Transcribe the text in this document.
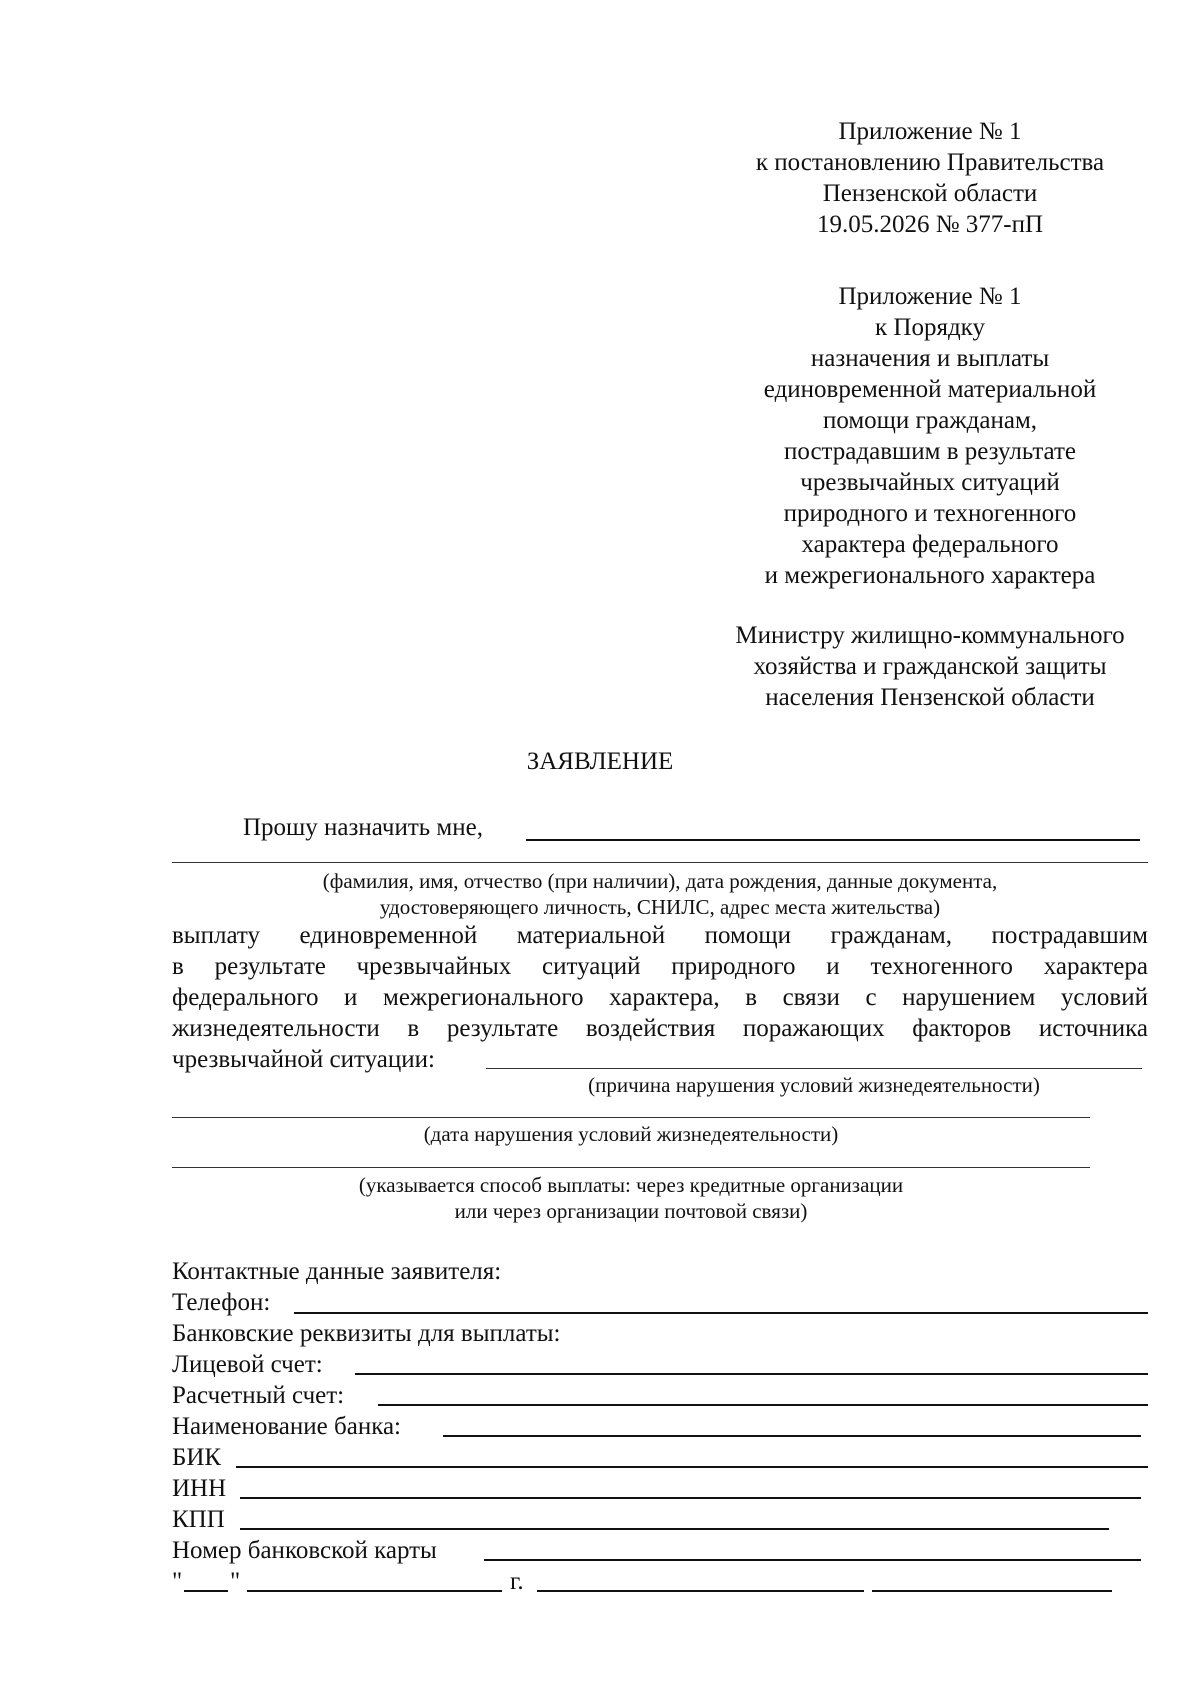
Приложение № 1
к постановлению Правительства
Пензенской области
19.05.2026 № 377-пП
Приложение № 1
к Порядку
назначения и выплаты
единовременной материальной
помощи гражданам,
пострадавшим в результате
чрезвычайных ситуаций
природного и техногенного
характера федерального
и межрегионального характера
Министру жилищно-коммунального
хозяйства и гражданской защиты
населения Пензенской области
ЗАЯВЛЕНИЕ
Прошу назначить мне,
(фамилия, имя, отчество (при наличии), дата рождения, данные документа,
удостоверяющего личность, СНИЛС, адрес места жительства)
выплату единовременной материальной помощи гражданам, пострадавшим
в результате чрезвычайных ситуаций природного и техногенного характера
федерального и межрегионального характера, в связи с нарушением условий
жизнедеятельности в результате воздействия поражающих факторов источника
чрезвычайной ситуации:
(причина нарушения условий жизнедеятельности)
(дата нарушения условий жизнедеятельности)
(указывается способ выплаты: через кредитные организации
или через организации почтовой связи)
Контактные данные заявителя:
Телефон:
Банковские реквизиты для выплаты:
Лицевой счет:
Расчетный счет:
Наименование банка:
БИК
ИНН
КПП
Номер банковской карты
" "	г.
